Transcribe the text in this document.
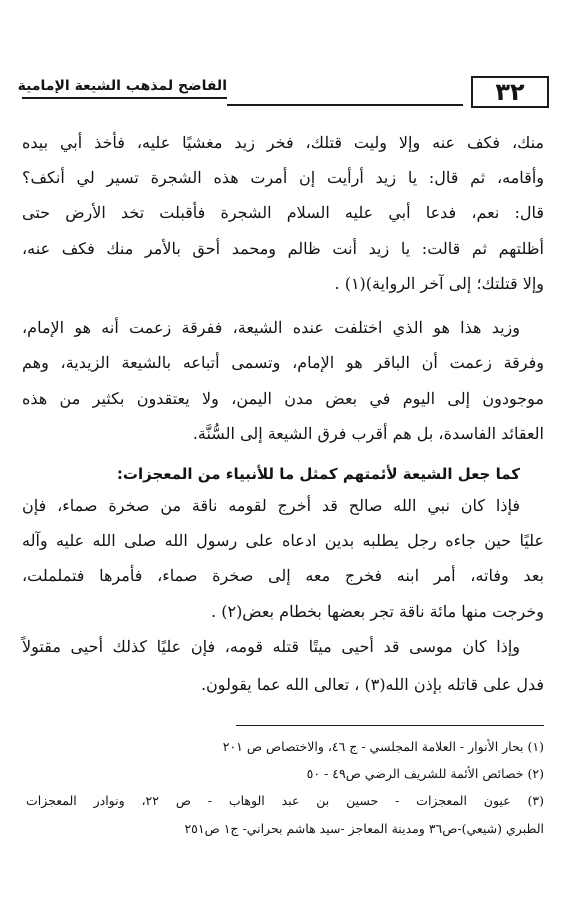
٣٢
الفاضح لمذهب الشيعة الإمامية
منك، فكف عنه وإلا وليت قتلك، فخر زيد مغشيًا عليه، فأخذ أبي بيده
وأقامه، ثم قال: يا زيد أرأيت إن أمرت هذه الشجرة تسير لي أنكف؟
قال: نعم، فدعا أبي عليه السلام الشجرة فأقبلت تخد الأرض حتى
أظلتهم ثم قالت: يا زيد أنت ظالم ومحمد أحق بالأمر منك فكف عنه،
وإلا قتلتك؛ إلى آخر الرواية)(١) .
وزيد هذا هو الذي اختلفت عنده الشيعة، ففرقة زعمت أنه هو الإمام،
وفرقة زعمت أن الباقر هو الإمام، وتسمى أتباعه بالشيعة الزيدية، وهم
موجودون إلى اليوم في بعض مدن اليمن، ولا يعتقدون بكثير من هذه
العقائد الفاسدة، بل هم أقرب فرق الشيعة إلى السُّنَّة.
كما جعل الشيعة لأئمتهم كمثل ما للأنبياء من المعجزات:
فإذا كان نبي الله صالح قد أخرج لقومه ناقة من صخرة صماء، فإن
عليًا حين جاءه رجل يطلبه بدين ادعاه على رسول الله صلى الله عليه وآله
بعد وفاته، أمر ابنه فخرج معه إلى صخرة صماء، فأمرها فتململت،
وخرجت منها مائة ناقة تجر بعضها بخطام بعض(٢) .
وإذا كان موسى قد أحيى ميتًا قتله قومه، فإن عليًا كذلك أحيى مقتولاً
فدل على قاتله بإذن الله(٣) ، تعالى الله عما يقولون.
(١) بحار الأنوار - العلامة المجلسي - ج ٤٦، والاختصاص ص ٢٠١
(٢) خصائص الأئمة للشريف الرضي ص٤٩ - ٥٠
(٣) عيون المعجزات - حسين بن عبد الوهاب - ص ٢٢، ونوادر المعجزات
الطبري (شيعي)-ص٣٦ ومدينة المعاجز -سيد هاشم بحراني- ج١ ص٢٥١
